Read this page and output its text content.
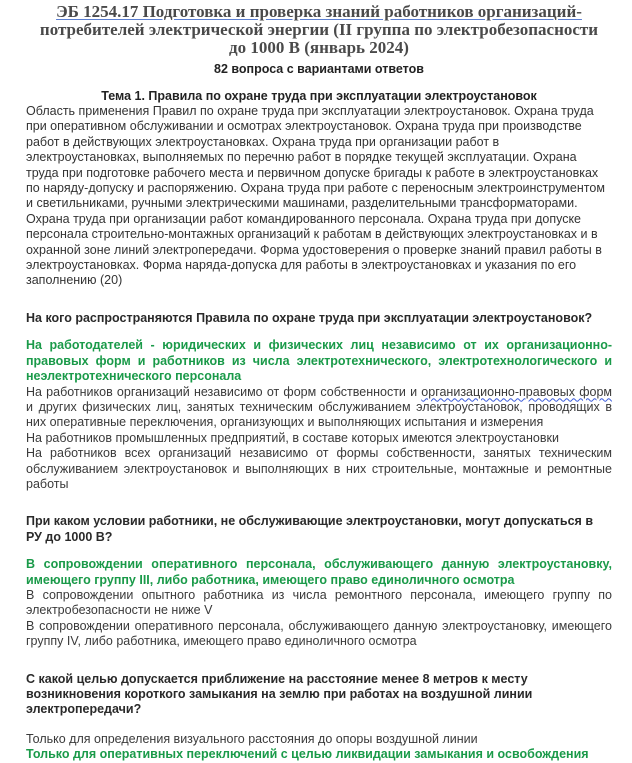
ЭБ 1254.17 Подготовка и проверка знаний работников организаций-
потребителей электрической энергии (II группа по электробезопасности
до 1000 В (январь 2024)

82 вопроса с вариантами ответов

Тема 1. Правила по охране труда при эксплуатации электроустановок

Область применения Правил по охране труда при эксплуатации электроустановок. Охрана труда при оперативном обслуживании и осмотрах электроустановок. Охрана труда при производстве работ в действующих электроустановках. Охрана труда при организации работ в электроустановках, выполняемых по перечню работ в порядке текущей эксплуатации. Охрана труда при подготовке рабочего места и первичном допуске бригады к работе в электроустановках по наряду-допуску и распоряжению. Охрана труда при работе с переносным электроинструментом и светильниками, ручными электрическими машинами, разделительными трансформаторами. Охрана труда при организации работ командированного персонала. Охрана труда при допуске персонала строительно-монтажных организаций к работам в действующих электроустановках и в охранной зоне линий электропередачи. Форма удостоверения о проверке знаний правил работы в электроустановках. Форма наряда-допуска для работы в электроустановках и указания по его заполнению (20)

На кого распространяются Правила по охране труда при эксплуатации электроустановок?

На работодателей - юридических и физических лиц независимо от их организационно-правовых форм и работников из числа электротехнического, электротехнологического и неэлектротехнического персонала

На работников организаций независимо от форм собственности и организационно-правовых форм и других физических лиц, занятых техническим обслуживанием электроустановок, проводящих в них оперативные переключения, организующих и выполняющих испытания и измерения

На работников промышленных предприятий, в составе которых имеются электроустановки

На работников всех организаций независимо от формы собственности, занятых техническим обслуживанием электроустановок и выполняющих в них строительные, монтажные и ремонтные работы

При каком условии работники, не обслуживающие электроустановки, могут допускаться в РУ до 1000 В?

В сопровождении оперативного персонала, обслуживающего данную электроустановку, имеющего группу III, либо работника, имеющего право единоличного осмотра

В сопровождении опытного работника из числа ремонтного персонала, имеющего группу по электробезопасности не ниже V

В сопровождении оперативного персонала, обслуживающего данную электроустановку, имеющего группу IV, либо работника, имеющего право единоличного осмотра

С какой целью допускается приближение на расстояние менее 8 метров к месту возникновения короткого замыкания на землю при работах на воздушной линии электропередачи?

Только для определения визуального расстояния до опоры воздушной линии

Только для оперативных переключений с целью ликвидации замыкания и освобождения
